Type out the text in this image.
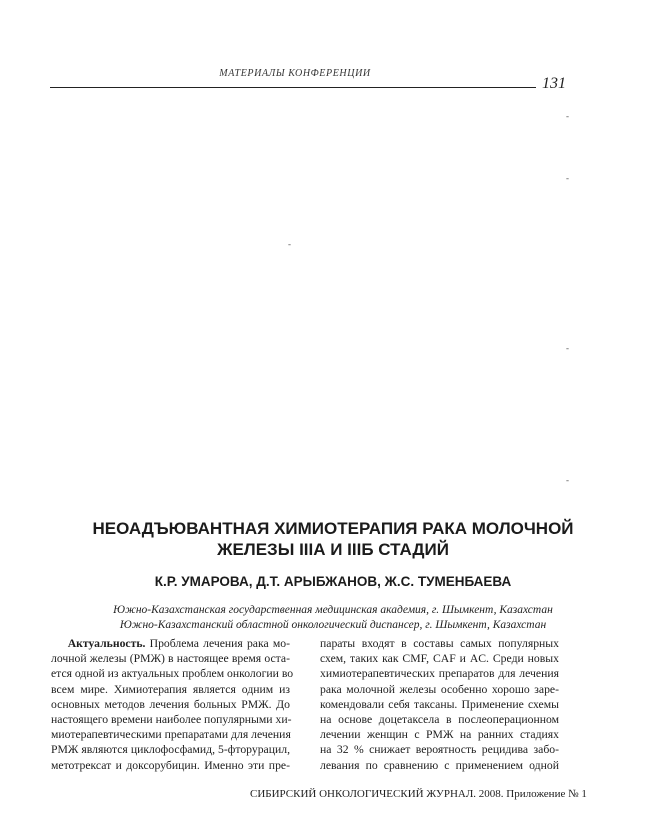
МАТЕРИАЛЫ КОНФЕРЕНЦИИ
131
-
-
-
-
-
НЕОАДЪЮВАНТНАЯ ХИМИОТЕРАПИЯ РАКА МОЛОЧНОЙ
ЖЕЛЕЗЫ IIIА И IIIБ СТАДИЙ
К.Р. УМАРОВА, Д.Т. АРЫБЖАНОВ, Ж.С. ТУМЕНБАЕВА
Южно-Казахстанская государственная медицинская академия, г. Шымкент, Казахстан
Южно-Казахстанский областной онкологический диспансер, г. Шымкент, Казахстан
Актуальность. Проблема лечения рака мо-
лочной железы (РМЖ) в настоящее время оста-
ется одной из актуальных проблем онкологии во
всем мире. Химиотерапия является одним из
основных методов лечения больных РМЖ. До
настоящего времени наиболее популярными хи-
миотерапевтическими препаратами для лечения
РМЖ являются циклофосфамид, 5-фторурацил,
метотрексат и доксорубицин. Именно эти пре-
параты входят в составы самых популярных
схем, таких как CMF, CAF и AC. Среди новых
химиотерапевтических препаратов для лечения
рака молочной железы особенно хорошо заре-
комендовали себя таксаны. Применение схемы
на основе доцетаксела в послеоперационном
лечении женщин с РМЖ на ранних стадиях
на 32 % снижает вероятность рецидива забо-
левания по сравнению с применением одной
СИБИРСКИЙ ОНКОЛОГИЧЕСКИЙ ЖУРНАЛ. 2008. Приложение № 1
